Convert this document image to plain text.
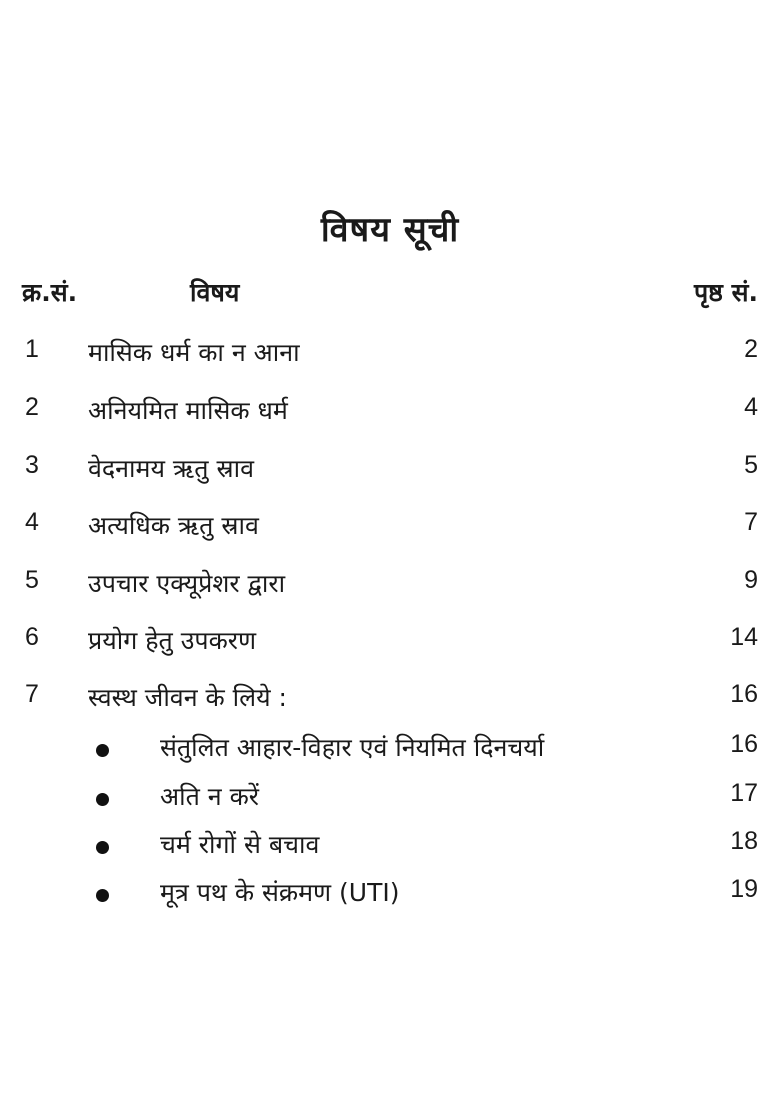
विषय सूची
क्र.सं.	विषय	पृष्ठ सं.
1 मासिक धर्म का न आना	2
2 अनियमित मासिक धर्म	4
3 वेदनामय ऋतु स्राव	5
4 अत्यधिक ऋतु स्राव	7
5 उपचार एक्यूप्रेशर द्वारा	9
6 प्रयोग हेतु उपकरण	14
7 स्वस्थ जीवन के लिये :	16
संतुलित आहार-विहार एवं नियमित दिनचर्या	16
अति न करें	17
चर्म रोगों से बचाव	18
मूत्र पथ के संक्रमण (UTI)	19
